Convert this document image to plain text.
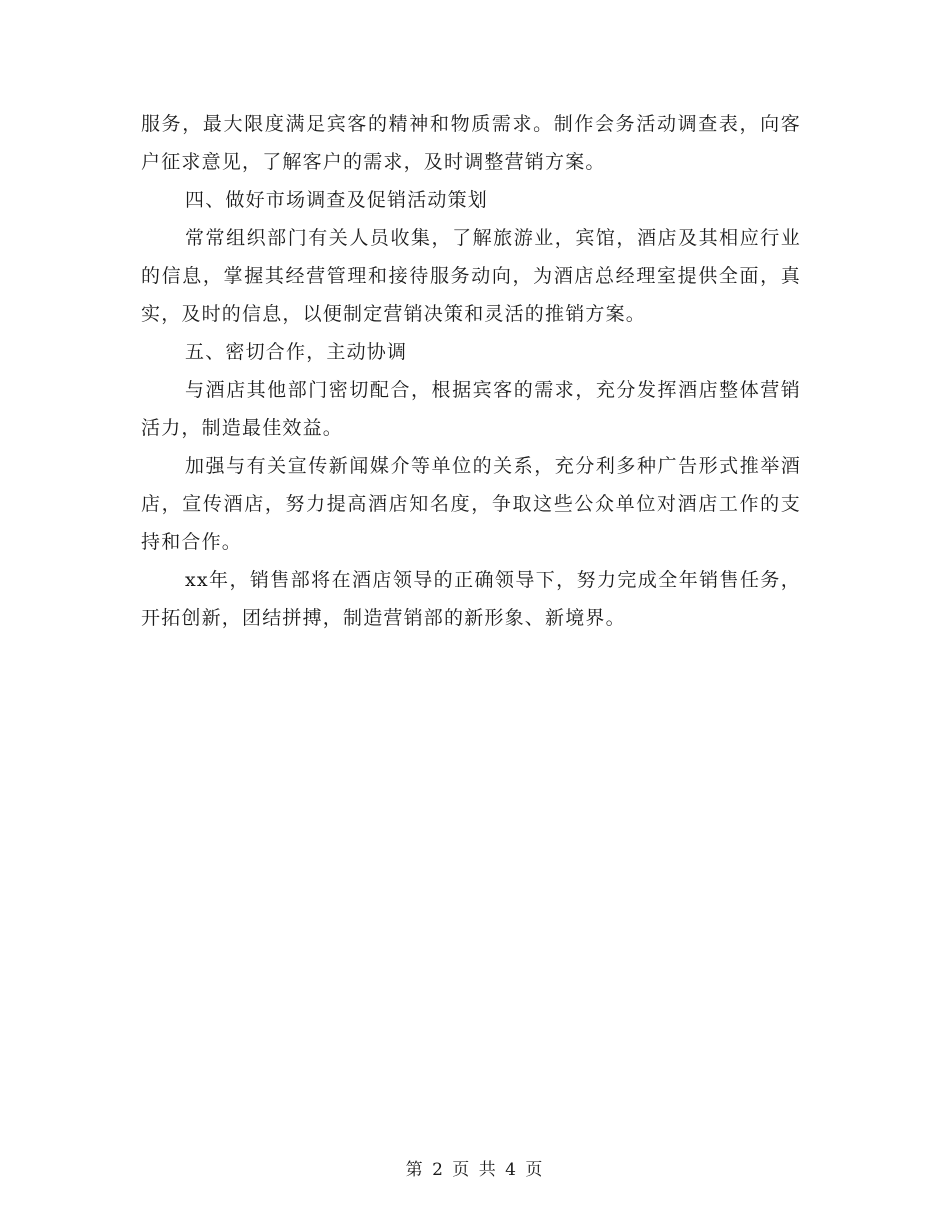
服务，最大限度满足宾客的精神和物质需求。制作会务活动调查表，向客户征求意见，了解客户的需求，及时调整营销方案。

四、做好市场调查及促销活动策划

常常组织部门有关人员收集，了解旅游业，宾馆，酒店及其相应行业的信息，掌握其经营管理和接待服务动向，为酒店总经理室提供全面，真实，及时的信息，以便制定营销决策和灵活的推销方案。

五、密切合作，主动协调

与酒店其他部门密切配合，根据宾客的需求，充分发挥酒店整体营销活力，制造最佳效益。

加强与有关宣传新闻媒介等单位的关系，充分利多种广告形式推举酒店，宣传酒店，努力提高酒店知名度，争取这些公众单位对酒店工作的支持和合作。

xx年，销售部将在酒店领导的正确领导下，努力完成全年销售任务，开拓创新，团结拼搏，制造营销部的新形象、新境界。

第 2 页 共 4 页
